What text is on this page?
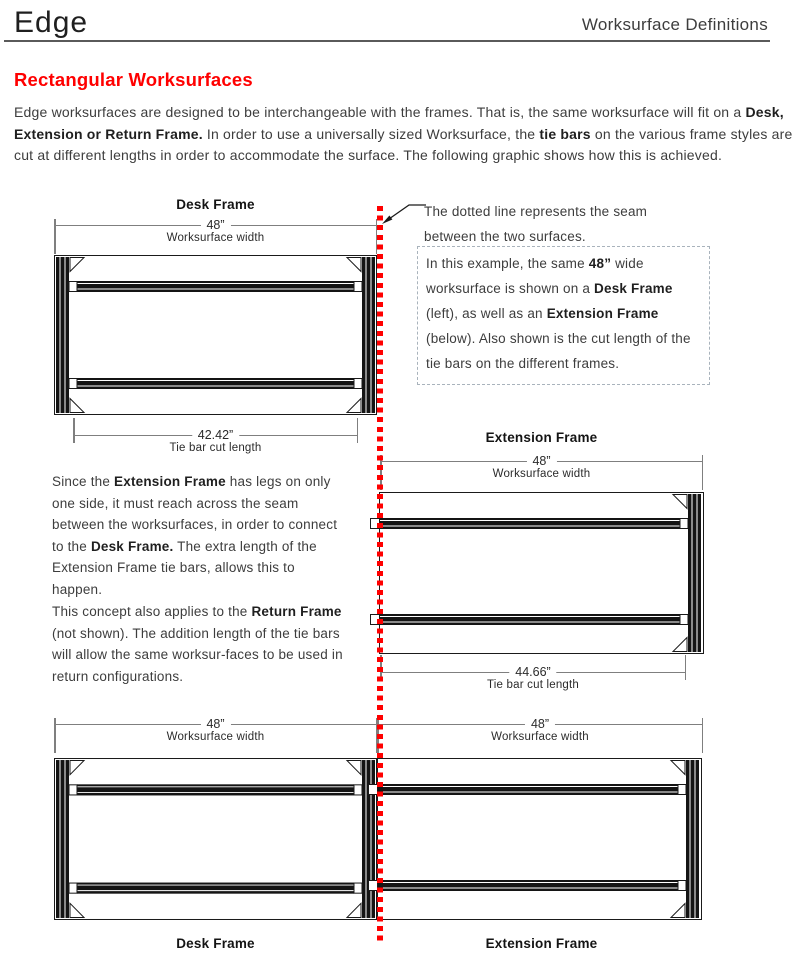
Edge	Worksurface Definitions
Rectangular Worksurfaces
Edge worksurfaces are designed to be interchangeable with the frames. That is, the same worksurface will fit on a Desk, Extension or Return Frame. In order to use a universally sized Worksurface, the tie bars on the various frame styles are cut at different lengths in order to accommodate the surface. The following graphic shows how this is achieved.
Desk Frame
48”
Worksurface width
42.42”
Tie bar cut length
The dotted line represents the seam between the two surfaces.
In this example, the same 48” wide worksurface is shown on a Desk Frame (left), as well as an Extension Frame (below). Also shown is the cut length of the tie bars on the different frames.
Since the Extension Frame has legs on only one side, it must reach across the seam between the worksurfaces, in order to connect to the Desk Frame. The extra length of the Extension Frame tie bars, allows this to happen.
This concept also applies to the Return Frame (not shown). The addition length of the tie bars will allow the same worksur-faces to be used in return configurations.
Extension Frame
48”
Worksurface width
44.66”
Tie bar cut length
48”
Worksurface width
48”
Worksurface width
Desk Frame	Extension Frame
